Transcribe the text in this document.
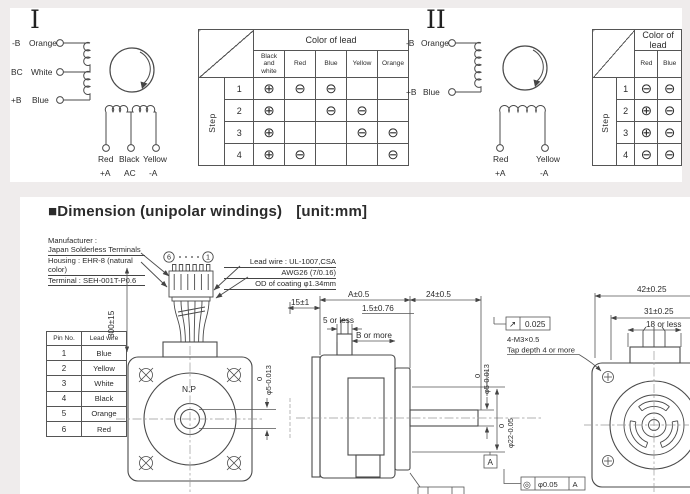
		Color of lead				
		Black
and
white	Red	Blue	Yellow	Orange
Step	1	⊕	⊖	⊖		
	2	⊕		⊖	⊖	
	3	⊕			⊖	⊖
	4	⊕	⊖			⊖
		Color of lead	
		Red	Blue
Step	1	⊖	⊖
	2	⊕	⊖
	3	⊕	⊖
	4	⊖	⊖
■Dimension (unipolar windings) [unit:mm]
Manufacturer :
Japan Solderless Terminals
Housing : EHR-8 (natural color)
Terminal : SEH-001T-P0.6
Lead wire : UL-1007,CSA
AWG26 (7/0.16)
OD of coating φ1.34mm
Pin No.	Lead wire
1	Blue
2	Yellow
3	White
4	Black
5	Orange
6	Red
I
-B Orange
BC White
+B Blue
Red Black Yellow
+A AC -A
II
-B Orange
+B Blue
Red	Yellow
+A	-A
6	1
N.P
300±15
15±1
A±0.5	24±0.5
1.5±0.76
5 or less
B or more
0 φ5-0.013
0 φ22-0.05
0 φ5-0.013
42±0.25
31±0.25
18 or less
↗ 0.025
4-M3×0.5
Tap depth 4 or more
A
◎ φ0.05 A
